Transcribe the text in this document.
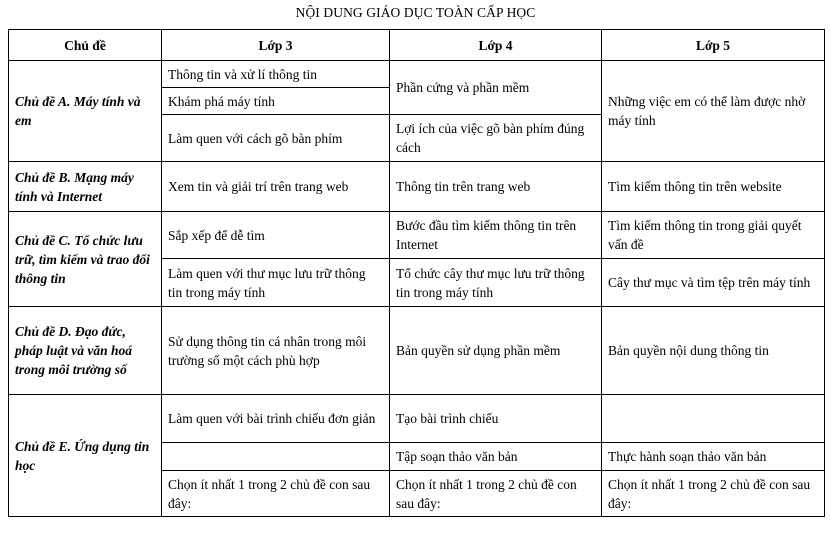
NỘI DUNG GIÁO DỤC TOÀN CẤP HỌC
Chủ đề	Lớp 3	Lớp 4	Lớp 5
Chủ đề A. Máy tính và em	Thông tin và xử lí thông tin	Phần cứng và phần mềm	Những việc em có thể làm được nhờ máy tính
	Khám phá máy tính		
	Làm quen với cách gõ bàn phím	Lợi ích của việc gõ bàn phím đúng cách	
Chủ đề B. Mạng máy tính và Internet	Xem tin và giải trí trên trang web	Thông tin trên trang web	Tìm kiếm thông tin trên website
Chủ đề C. Tổ chức lưu trữ, tìm kiếm và trao đổi thông tin	Sắp xếp để dễ tìm	Bước đầu tìm kiếm thông tin trên Internet	Tìm kiếm thông tin trong giải quyết vấn đề
	Làm quen với thư mục lưu trữ thông tin trong máy tính	Tổ chức cây thư mục lưu trữ thông tin trong máy tính	Cây thư mục và tìm tệp trên máy tính
Chủ đề D. Đạo đức, pháp luật và văn hoá trong môi trường số	Sử dụng thông tin cá nhân trong môi trường số một cách phù hợp	Bản quyền sử dụng phần mềm	Bản quyền nội dung thông tin
Chủ đề E. Ứng dụng tin học	Làm quen với bài trình chiếu đơn giản	Tạo bài trình chiếu	
		Tập soạn thảo văn bản	Thực hành soạn thảo văn bản
	Chọn ít nhất 1 trong 2 chủ đề con sau đây:	Chọn ít nhất 1 trong 2 chủ đề con sau đây:	Chọn ít nhất 1 trong 2 chủ đề con sau đây:
